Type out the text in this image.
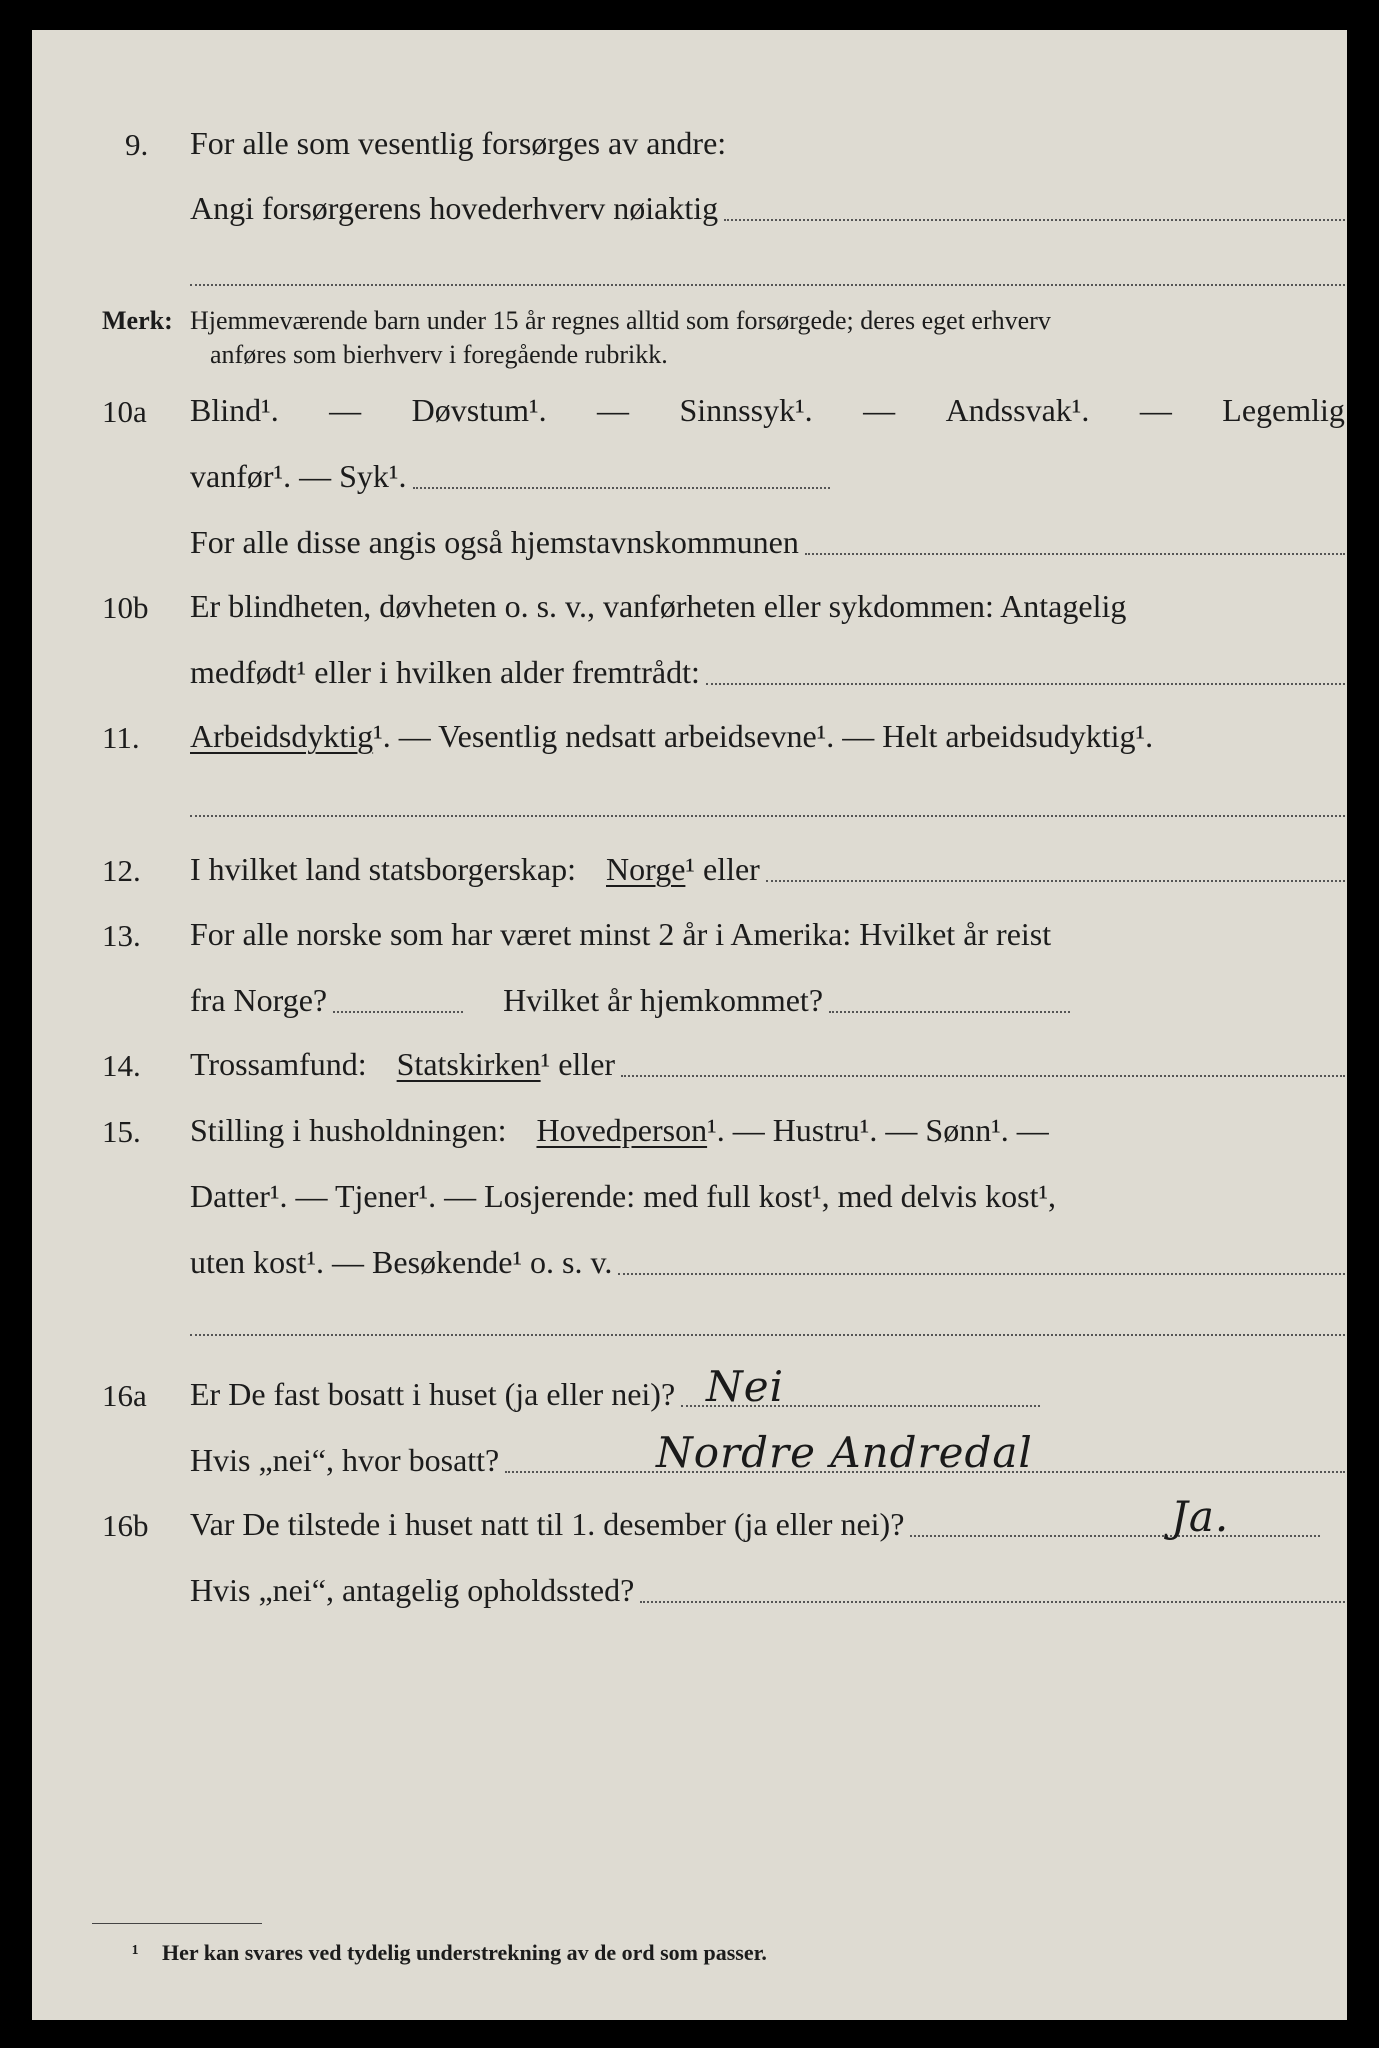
9. For alle som vesentlig forsørges av andre:
Angi forsørgerens hovederhverv nøiaktig
Merk: Hjemmeværende barn under 15 år regnes alltid som forsørgede; deres eget erhverv
anføres som bierhverv i foregående rubrikk.
10a Blind¹. — Døvstum¹. — Sinnssyk¹. — Andssvak¹. — Legemlig
vanfør¹. — Syk¹.
For alle disse angis også hjemstavnskommunen
10b Er blindheten, døvheten o. s. v., vanførheten eller sykdommen: Antagelig
medfødt¹ eller i hvilken alder fremtrådt:
11. Arbeidsdyktig ¹. — Vesentlig nedsatt arbeidsevne¹. — Helt arbeidsudyktig¹.
12. I hvilket land statsborgerskap: Norge ¹ eller
13. For alle norske som har været minst 2 år i Amerika: Hvilket år reist
fra Norge?	Hvilket år hjemkommet?
14. Trossamfund: Statskirken ¹ eller
15. Stilling i husholdningen: Hovedperson ¹. — Hustru¹. — Sønn¹. —
Datter¹. — Tjener¹. — Losjerende: med full kost¹, med delvis kost¹,
uten kost¹. — Besøkende¹ o. s. v.
16a Er De fast bosatt i huset (ja eller nei)? Nei
Hvis „nei“, hvor bosatt?	Nordre Andredal
16b Var De tilstede i huset natt til 1. desember (ja eller nei)?	Ja.
Hvis „nei“, antagelig opholdssted?
¹ Her kan svares ved tydelig understrekning av de ord som passer.
